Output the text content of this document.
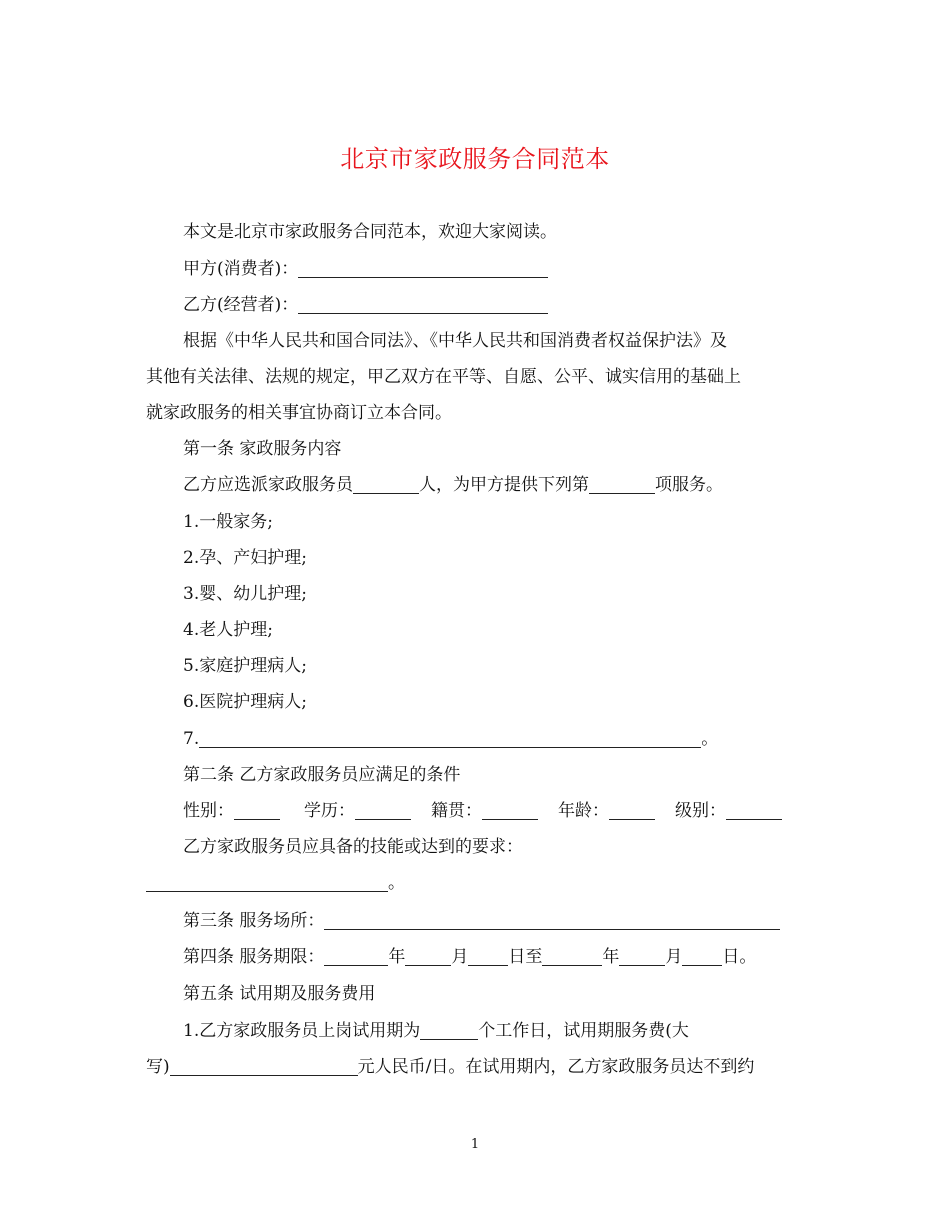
北京市家政服务合同范本
本文是北京市家政服务合同范本，欢迎大家阅读。
甲方(消费者)：
乙方(经营者)：
根据《中华人民共和国合同法》、《中华人民共和国消费者权益保护法》及
其他有关法律、法规的规定，甲乙双方在平等、自愿、公平、诚实信用的基础上
就家政服务的相关事宜协商订立本合同。
第一条 家政服务内容
乙方应选派家政服务员	人，为甲方提供下列第	项服务。
1.一般家务;
2.孕、产妇护理;
3.婴、幼儿护理;
4.老人护理;
5.家庭护理病人;
6.医院护理病人;
7.	。
第二条 乙方家政服务员应满足的条件
性别：	学历：	籍贯：	年龄：	级别：
乙方家政服务员应具备的技能或达到的要求：
。
第三条 服务场所：
第四条 服务期限：	年	月 日至	年	月 日。
第五条 试用期及服务费用
1.乙方家政服务员上岗试用期为	个工作日，试用期服务费(大
写)	元人民币/日。在试用期内，乙方家政服务员达不到约
1
